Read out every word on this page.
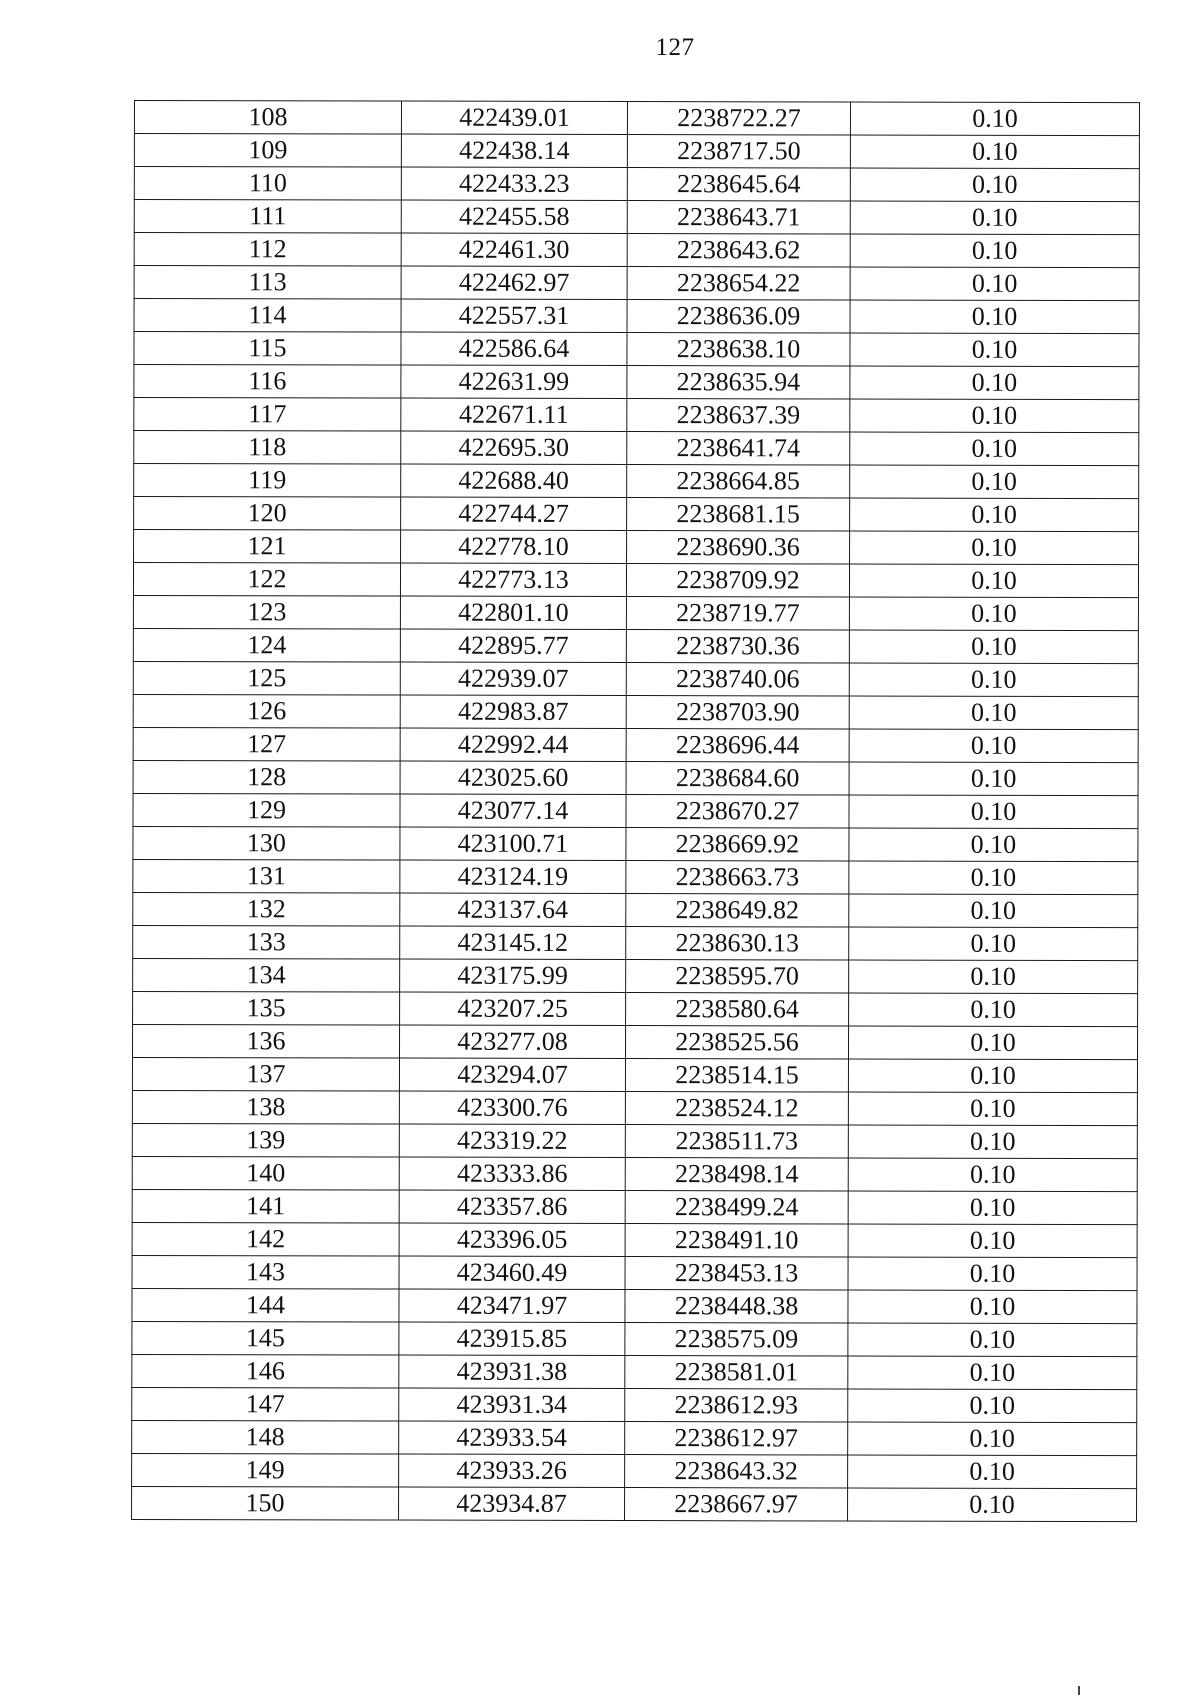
127
108	422439.01	2238722.27	0.10
109	422438.14	2238717.50	0.10
110	422433.23	2238645.64	0.10
111	422455.58	2238643.71	0.10
112	422461.30	2238643.62	0.10
113	422462.97	2238654.22	0.10
114	422557.31	2238636.09	0.10
115	422586.64	2238638.10	0.10
116	422631.99	2238635.94	0.10
117	422671.11	2238637.39	0.10
118	422695.30	2238641.74	0.10
119	422688.40	2238664.85	0.10
120	422744.27	2238681.15	0.10
121	422778.10	2238690.36	0.10
122	422773.13	2238709.92	0.10
123	422801.10	2238719.77	0.10
124	422895.77	2238730.36	0.10
125	422939.07	2238740.06	0.10
126	422983.87	2238703.90	0.10
127	422992.44	2238696.44	0.10
128	423025.60	2238684.60	0.10
129	423077.14	2238670.27	0.10
130	423100.71	2238669.92	0.10
131	423124.19	2238663.73	0.10
132	423137.64	2238649.82	0.10
133	423145.12	2238630.13	0.10
134	423175.99	2238595.70	0.10
135	423207.25	2238580.64	0.10
136	423277.08	2238525.56	0.10
137	423294.07	2238514.15	0.10
138	423300.76	2238524.12	0.10
139	423319.22	2238511.73	0.10
140	423333.86	2238498.14	0.10
141	423357.86	2238499.24	0.10
142	423396.05	2238491.10	0.10
143	423460.49	2238453.13	0.10
144	423471.97	2238448.38	0.10
145	423915.85	2238575.09	0.10
146	423931.38	2238581.01	0.10
147	423931.34	2238612.93	0.10
148	423933.54	2238612.97	0.10
149	423933.26	2238643.32	0.10
150	423934.87	2238667.97	0.10
